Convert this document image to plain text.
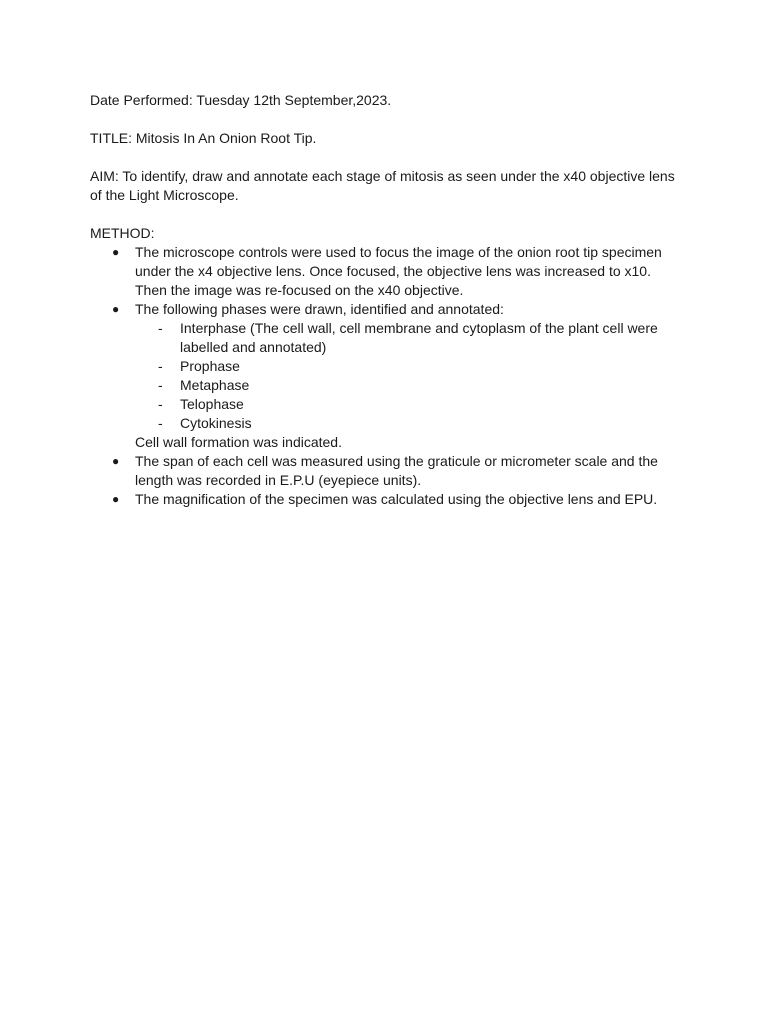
Date Performed: Tuesday 12th September,2023.

TITLE: Mitosis In An Onion Root Tip.

AIM: To identify, draw and annotate each stage of mitosis as seen under the x40 objective lens of the Light Microscope.

METHOD:

● The microscope controls were used to focus the image of the onion root tip specimen under the x4 objective lens. Once focused, the objective lens was increased to x10. Then the image was re-focused on the x40 objective.
● The following phases were drawn, identified and annotated:
- Interphase (The cell wall, cell membrane and cytoplasm of the plant cell were labelled and annotated)
- Prophase
- Metaphase
- Telophase
- Cytokinesis
Cell wall formation was indicated.
● The span of each cell was measured using the graticule or micrometer scale and the length was recorded in E.P.U (eyepiece units).
● The magnification of the specimen was calculated using the objective lens and EPU.
